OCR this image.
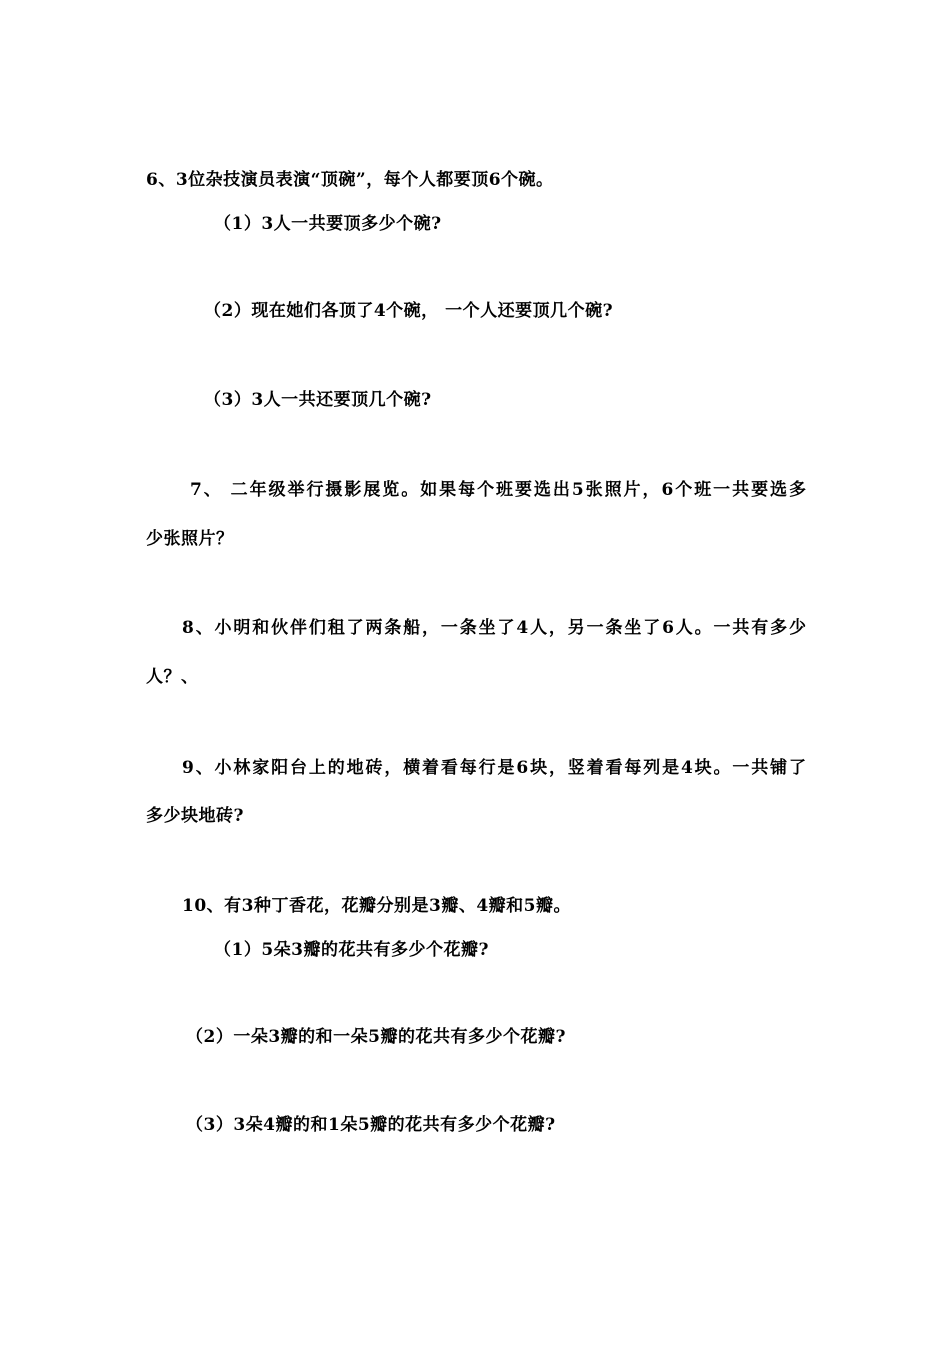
6、3位杂技演员表演“顶碗”，每个人都要顶6个碗。
（1）3人一共要顶多少个碗?
（2）现在她们各顶了4个碗， 一个人还要顶几个碗?
（3）3人一共还要顶几个碗?
7、 二年级举行摄影展览。如果每个班要选出5张照片，6个班一共要选多
少张照片？
8、小明和伙伴们租了两条船，一条坐了4人，另一条坐了6人。一共有多少
人？、
9、小林家阳台上的地砖，横着看每行是6块，竖着看每列是4块。一共铺了
多少块地砖?
10、有3种丁香花，花瓣分别是3瓣、4瓣和5瓣。
（1）5朵3瓣的花共有多少个花瓣?
（2）一朵3瓣的和一朵5瓣的花共有多少个花瓣?
（3）3朵4瓣的和1朵5瓣的花共有多少个花瓣?
